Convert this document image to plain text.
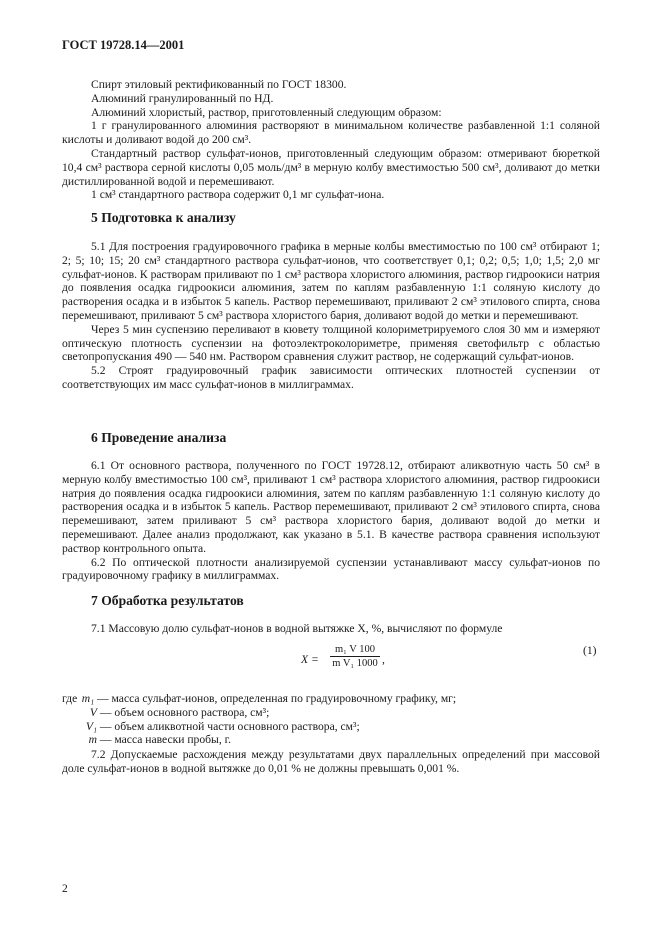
ГОСТ 19728.14—2001

Спирт этиловый ректификованный по ГОСТ 18300.

Алюминий гранулированный по НД.

Алюминий хлористый, раствор, приготовленный следующим образом:

1 г гранулированного алюминия растворяют в минимальном количестве разбавленной 1:1 соляной кислоты и доливают водой до 200 см³.

Стандартный раствор сульфат-ионов, приготовленный следующим образом: отмеривают бюреткой 10,4 см³ раствора серной кислоты 0,05 моль/дм³ в мерную колбу вместимостью 500 см³, доливают до метки дистиллированной водой и перемешивают.

1 см³ стандартного раствора содержит 0,1 мг сульфат-иона.

5 Подготовка к анализу

5.1 Для построения градуировочного графика в мерные колбы вместимостью по 100 см³ отбирают 1; 2; 5; 10; 15; 20 см³ стандартного раствора сульфат-ионов, что соответствует 0,1; 0,2; 0,5; 1,0; 1,5; 2,0 мг сульфат-ионов. К растворам приливают по 1 см³ раствора хлористого алюминия, раствор гидроокиси натрия до появления осадка гидроокиси алюминия, затем по каплям разбавленную 1:1 соляную кислоту до растворения осадка и в избыток 5 капель. Раствор перемешивают, приливают 2 см³ этилового спирта, снова перемешивают, приливают 5 см³ раствора хлористого бария, доливают водой до метки и перемешивают.

Через 5 мин суспензию переливают в кювету толщиной колориметрируемого слоя 30 мм и измеряют оптическую плотность суспензии на фотоэлектроколориметре, применяя светофильтр с областью светопропускания 490 — 540 нм. Раствором сравнения служит раствор, не содержащий сульфат-ионов.

5.2 Строят градуировочный график зависимости оптических плотностей суспензии от соответствующих им масс сульфат-ионов в миллиграммах.

6 Проведение анализа

6.1 От основного раствора, полученного по ГОСТ 19728.12, отбирают аликвотную часть 50 см³ в мерную колбу вместимостью 100 см³, приливают 1 см³ раствора хлористого алюминия, раствор гидроокиси натрия до появления осадка гидроокиси алюминия, затем по каплям разбавленную 1:1 соляную кислоту до растворения осадка и в избыток 5 капель. Раствор перемешивают, приливают 2 см³ этилового спирта, снова перемешивают, затем приливают 5 см³ раствора хлористого бария, доливают водой до метки и перемешивают. Далее анализ продолжают, как указано в 5.1. В качестве раствора сравнения используют раствор контрольного опыта.

6.2 По оптической плотности анализируемой суспензии устанавливают массу сульфат-ионов по градуировочному графику в миллиграммах.

7 Обработка результатов

7.1 Массовую долю сульфат-ионов в водной вытяжке X, %, вычисляют по формуле

$X = \frac{\text{m₁ V 100}}{\text{m V₁ 1000}}$ ,
(1)
где m₁ — масса сульфат-ионов, определенная по градуировочному графику, мг;
V — объем основного раствора, см³;
V₁ — объем аликвотной части основного раствора, см³;
m — масса навески пробы, г.

7.2 Допускаемые расхождения между результатами двух параллельных определений при массовой доле сульфат-ионов в водной вытяжке до 0,01 % не должны превышать 0,001 %.

2
